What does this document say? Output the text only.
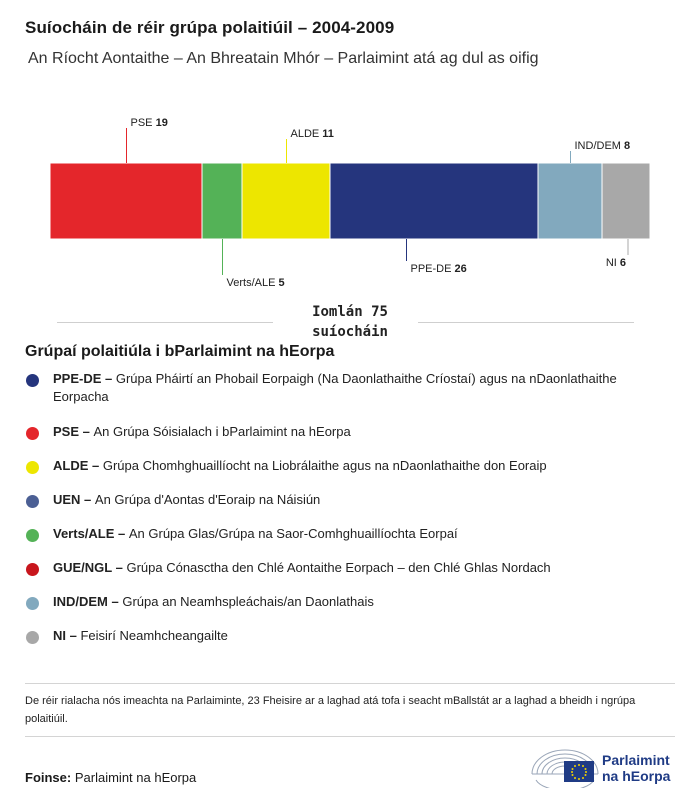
Suíocháin de réir grúpa polaitiúil – 2004-2009
An Ríocht Aontaithe – An Bhreatain Mhór – Parlaimint atá ag dul as oifig
PSE 19
Verts/ALE 5
ALDE 11
PPE-DE 26
IND/DEM 8
NI 6
Iomlán 75
suíocháin
Grúpaí polaitiúla i bParlaimint na hEorpa
PPE-DE – Grúpa Pháirtí an Phobail Eorpaigh (Na Daonlathaithe Críostaí) agus na nDaonlathaithe Eorpacha
PSE – An Grúpa Sóisialach i bParlaimint na hEorpa
ALDE – Grúpa Chomhghuaillíocht na Liobrálaithe agus na nDaonlathaithe don Eoraip
UEN – An Grúpa d'Aontas d'Eoraip na Náisiún
Verts/ALE – An Grúpa Glas/Grúpa na Saor-Comhghuaillíochta Eorpaí
GUE/NGL – Grúpa Cónasctha den Chlé Aontaithe Eorpach – den Chlé Ghlas Nordach
IND/DEM – Grúpa an Neamhspleáchais/an Daonlathais
NI – Feisirí Neamhcheangailte
De réir rialacha nós imeachta na Parlaiminte, 23 Fheisire ar a laghad atá tofa i seacht mBallstát ar a laghad a bheidh i ngrúpa polaitiúil.
Foinse: Parlaimint na hEorpa
Parlaimint
na hEorpa
